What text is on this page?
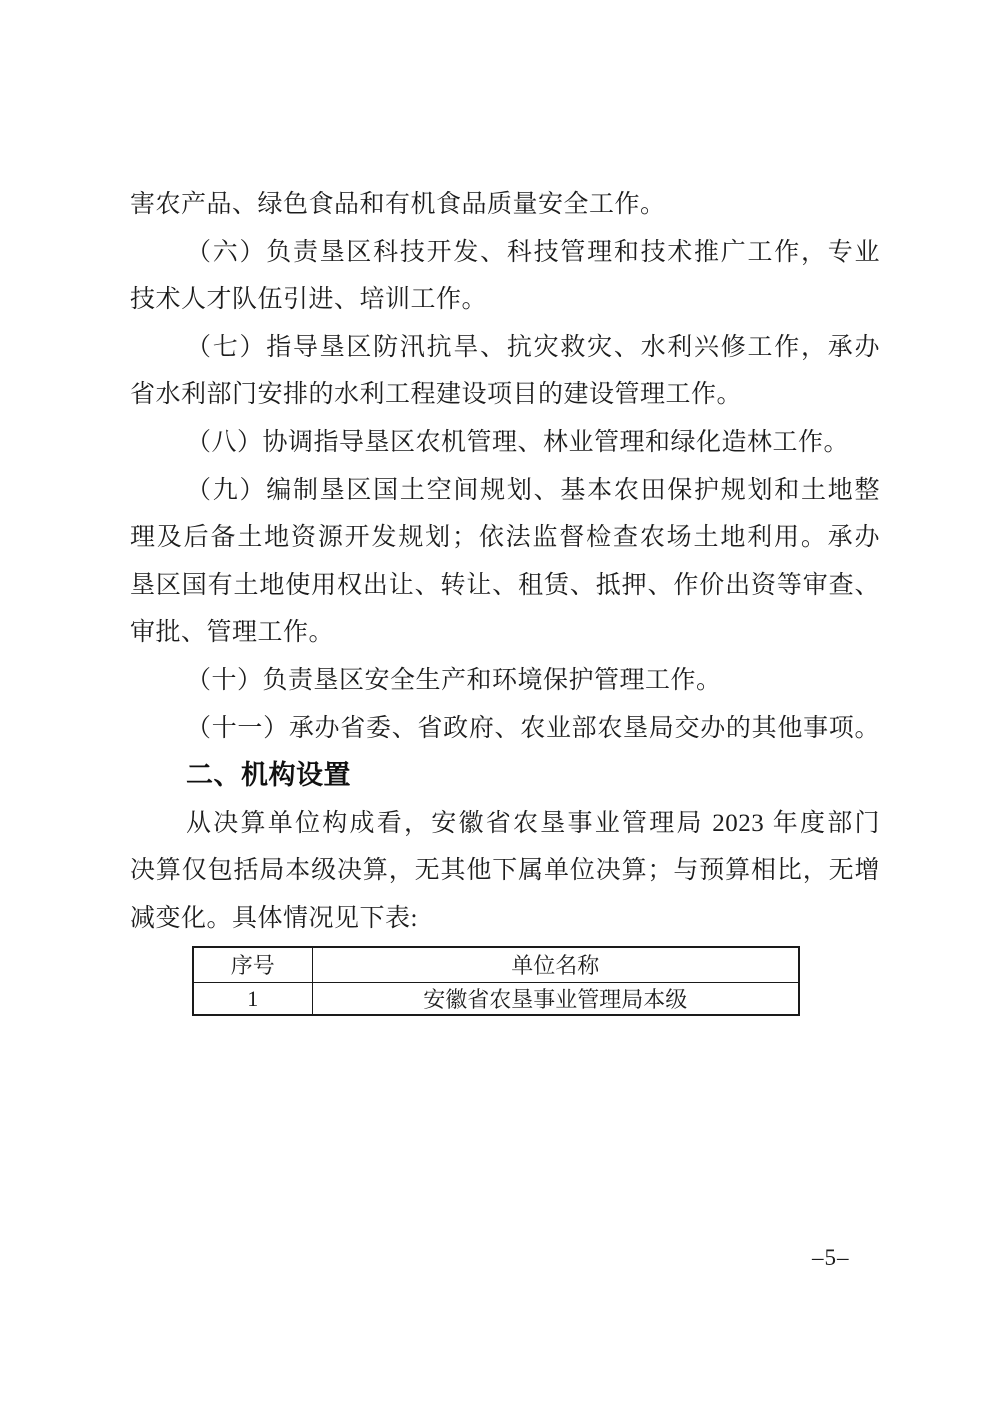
害农产品、绿色食品和有机食品质量安全工作。
（六）负责垦区科技开发、科技管理和技术推广工作，专业
技术人才队伍引进、培训工作。
（七）指导垦区防汛抗旱、抗灾救灾、水利兴修工作，承办
省水利部门安排的水利工程建设项目的建设管理工作。
（八）协调指导垦区农机管理、林业管理和绿化造林工作。
（九）编制垦区国土空间规划、基本农田保护规划和土地整
理及后备土地资源开发规划；依法监督检查农场土地利用。承办
垦区国有土地使用权出让、转让、租赁、抵押、作价出资等审查、
审批、管理工作。
（十）负责垦区安全生产和环境保护管理工作。
（十一）承办省委、省政府、农业部农垦局交办的其他事项。
二、机构设置
从决算单位构成看，安徽省农垦事业管理局 2023 年度部门
决算仅包括局本级决算，无其他下属单位决算；与预算相比，无增
减变化。具体情况见下表:
序号	单位名称
1	安徽省农垦事业管理局本级
–5–
